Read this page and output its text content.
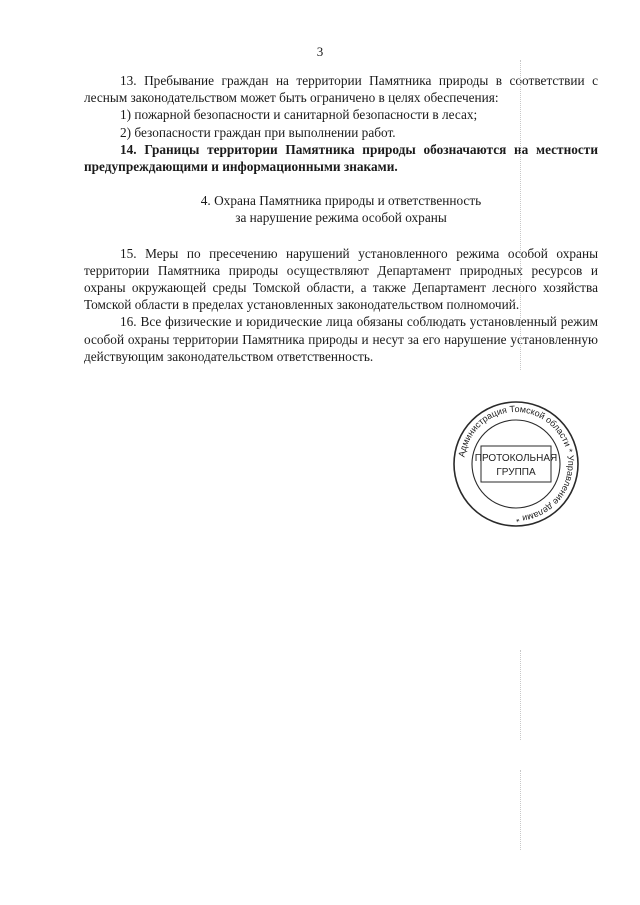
3

13. Пребывание граждан на территории Памятника природы в соответствии с лесным законодательством может быть ограничено в целях обеспечения:

1) пожарной безопасности и санитарной безопасности в лесах;

2) безопасности граждан при выполнении работ.

14. Границы территории Памятника природы обозначаются на местности предупреждающими и информационными знаками.

4. Охрана Памятника природы и ответственность
за нарушение режима особой охраны

15. Меры по пресечению нарушений установленного режима особой охраны территории Памятника природы осуществляют Департамент природных ресурсов и охраны окружающей среды Томской области, а также Департамент лесного хозяйства Томской области в пределах установленных законодательством полномочий.

16. Все физические и юридические лица обязаны соблюдать установленный режим особой охраны территории Памятника природы и несут за его нарушение установленную действующим законодательством ответственность.

Администрация Томской области * Управление делами *
ПРОТОКОЛЬНАЯ
ГРУППА
